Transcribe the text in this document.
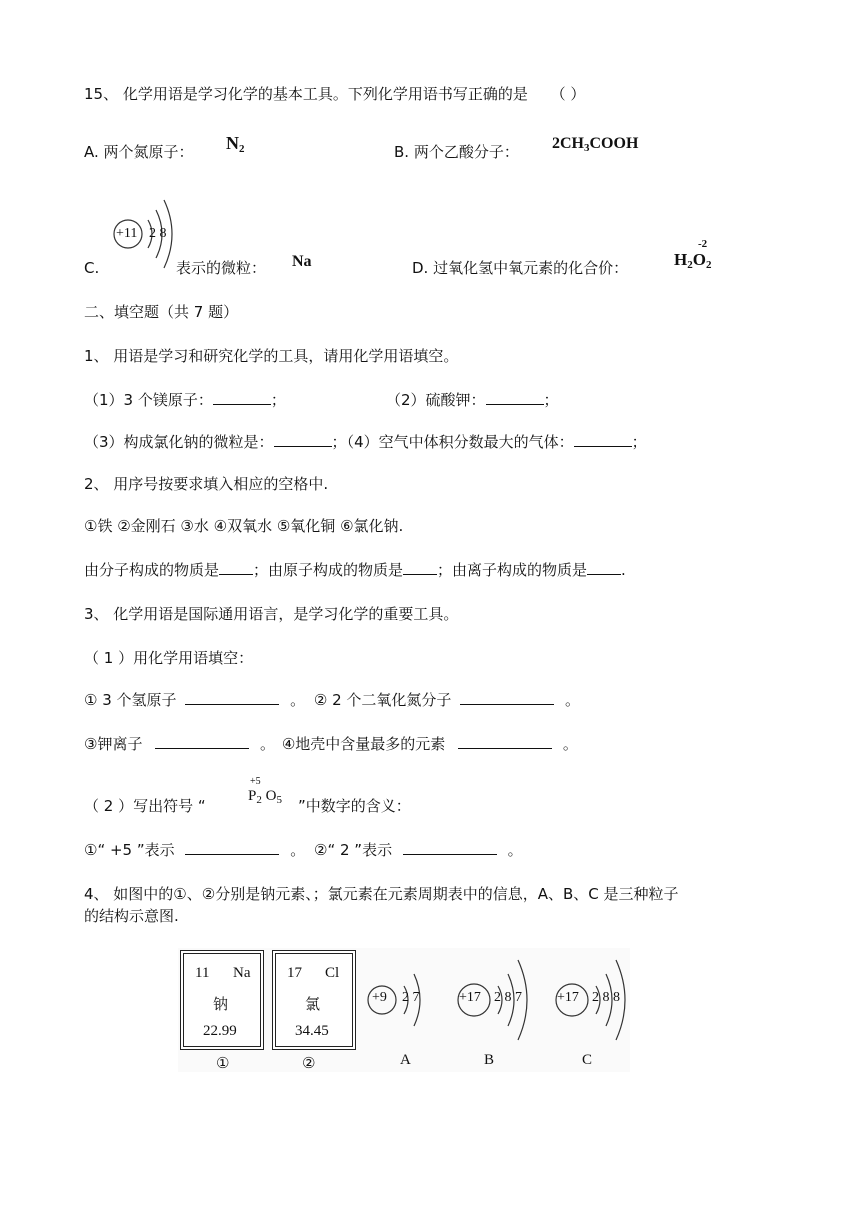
15、 化学用语是学习化学的基本工具。下列化学用语书写正确的是 （ ）
A. 两个氮原子： $N_2$	B. 两个乙酸分子： $2CH_3COOH$
C.
+11 2 8
表示的微粒： Na	D. 过氧化氢中氧元素的化合价：
-2
$H_2O_2$
二、填空题（共 7 题）
1、 用语是学习和研究化学的工具，请用化学用语填空。
（1）3 个镁原子：	；	（2）硫酸钾：	；
（3）构成氯化钠的微粒是：	；（4）空气中体积分数最大的气体：	；
2、 用序号按要求填入相应的空格中.
①铁 ②金刚石 ③水 ④双氧水 ⑤氧化铜 ⑥氯化钠.
由分子构成的物质是 ；由原子构成的物质是 ；由离子构成的物质是 .
3、 化学用语是国际通用语言，是学习化学的重要工具。
（ 1 ）用化学用语填空：
① 3 个氢原子	。 ② 2 个二氧化氮分子	。
③钾离子	。 ④地壳中含量最多的元素	。
（ 2 ）写出符号 “
+5
$P_2$ $O_5$ ”中数字的含义：
①“ +5 ”表示	。 ②“ 2 ”表示	。
4、 如图中的①、②分别是钠元素、；氯元素在元素周期表中的信息，A、B、C 是三种粒子
的结构示意图.
11 Na
钠
22.99
①
17 Cl
氯
34.45
②
+9 2 7
A
+17 2 8 7
B
+17 2 8 8
C
